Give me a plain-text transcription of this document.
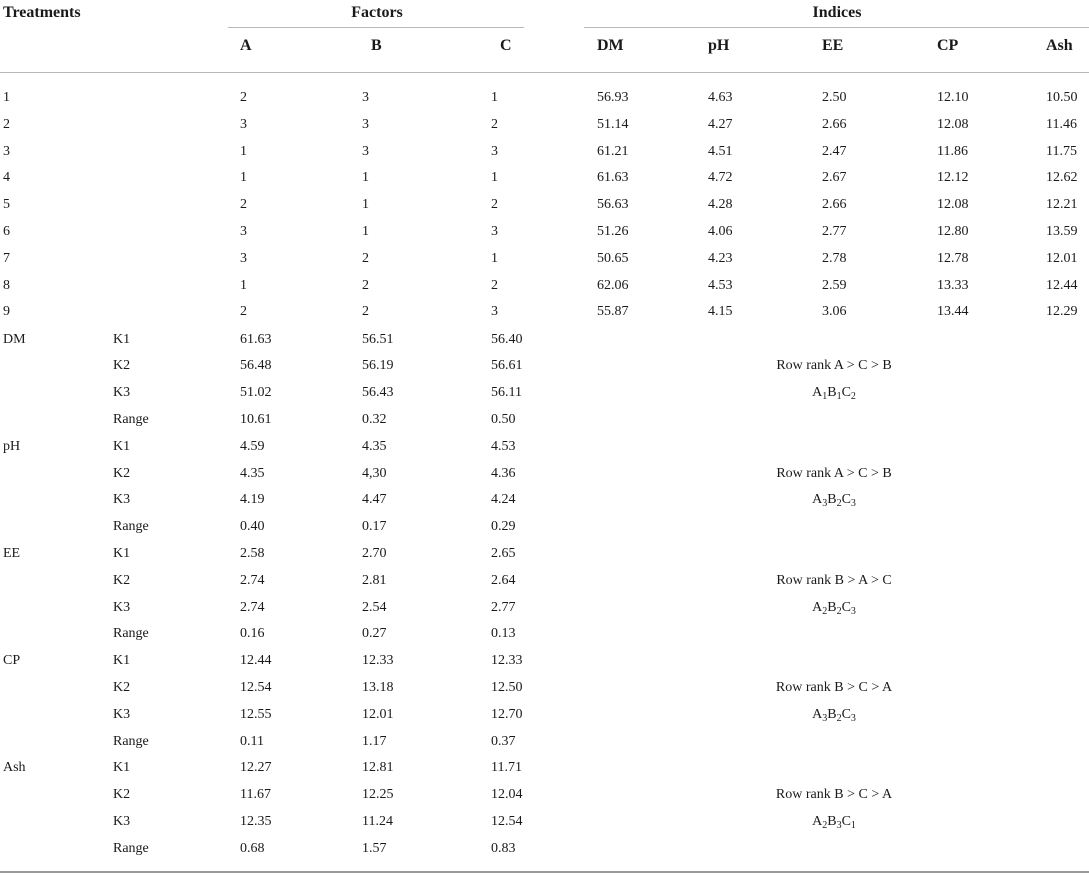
Treatments	Factors	Indices
A	B	C	DM	pH	EE	CP	Ash
1	2	3	1	56.93	4.63	2.50	12.10	10.50
2	3	3	2	51.14	4.27	2.66	12.08	11.46
3	1	3	3	61.21	4.51	2.47	11.86	11.75
4	1	1	1	61.63	4.72	2.67	12.12	12.62
5	2	1	2	56.63	4.28	2.66	12.08	12.21
6	3	1	3	51.26	4.06	2.77	12.80	13.59
7	3	2	1	50.65	4.23	2.78	12.78	12.01
8	1	2	2	62.06	4.53	2.59	13.33	12.44
9	2	2	3	55.87	4.15	3.06	13.44	12.29
DM	K1	61.63	56.51	56.40
K2	56.48	56.19	56.61
K3	51.02	56.43	56.11
Range	10.61	0.32	0.50
Row rank A > C > B
$A_1B_1C_2$
pH	K1	4.59	4.35	4.53
K2	4.35	4,30	4.36
K3	4.19	4.47	4.24
Range	0.40	0.17	0.29
Row rank A > C > B
$A_3B_2C_3$
EE	K1	2.58	2.70	2.65
K2	2.74	2.81	2.64
K3	2.74	2.54	2.77
Range	0.16	0.27	0.13
Row rank B > A > C
$A_2B_2C_3$
CP	K1	12.44	12.33	12.33
K2	12.54	13.18	12.50
K3	12.55	12.01	12.70
Range	0.11	1.17	0.37
Row rank B > C > A
$A_3B_2C_3$
Ash	K1	12.27	12.81	11.71
K2	11.67	12.25	12.04
K3	12.35	11.24	12.54
Range	0.68	1.57	0.83
Row rank B > C > A
$A_2B_3C_1$
